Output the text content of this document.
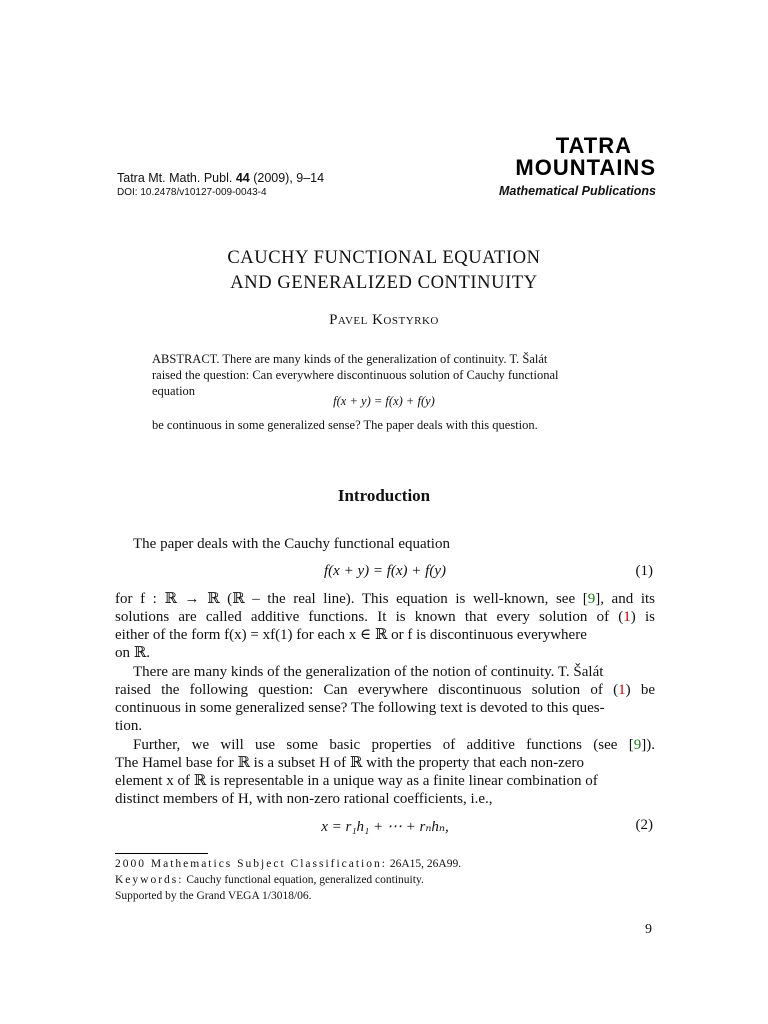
Tatra Mt. Math. Publ. 44 (2009), 9–14
DOI: 10.2478/v10127-009-0043-4
TATRA
MOUNTAINS
Mathematical Publications
CAUCHY FUNCTIONAL EQUATION
AND GENERALIZED CONTINUITY
Pavel Kostyrko
ABSTRACT. There are many kinds of the generalization of continuity. T. Šalát
raised the question: Can everywhere discontinuous solution of Cauchy functional
equation
f(x + y) = f(x) + f(y)
be continuous in some generalized sense? The paper deals with this question.
Introduction
The paper deals with the Cauchy functional equation
f(x + y) = f(x) + f(y)	(1)
for f : ℝ → ℝ (ℝ – the real line). This equation is well-known, see [9], and its
solutions are called additive functions. It is known that every solution of (1) is
either of the form f(x) = xf(1) for each x ∈ ℝ or f is discontinuous everywhere
on ℝ.
There are many kinds of the generalization of the notion of continuity. T. Šalát
raised the following question: Can everywhere discontinuous solution of (1) be
continuous in some generalized sense? The following text is devoted to this ques-
tion.
Further, we will use some basic properties of additive functions (see [9]).
The Hamel base for ℝ is a subset H of ℝ with the property that each non-zero
element x of ℝ is representable in a unique way as a finite linear combination of
distinct members of H, with non-zero rational coefficients, i.e.,
x = r₁h₁ + ⋯ + rₙhₙ,	(2)
2000 Mathematics Subject Classification: 26A15, 26A99.
Keywords: Cauchy functional equation, generalized continuity.
Supported by the Grand VEGA 1/3018/06.
9
